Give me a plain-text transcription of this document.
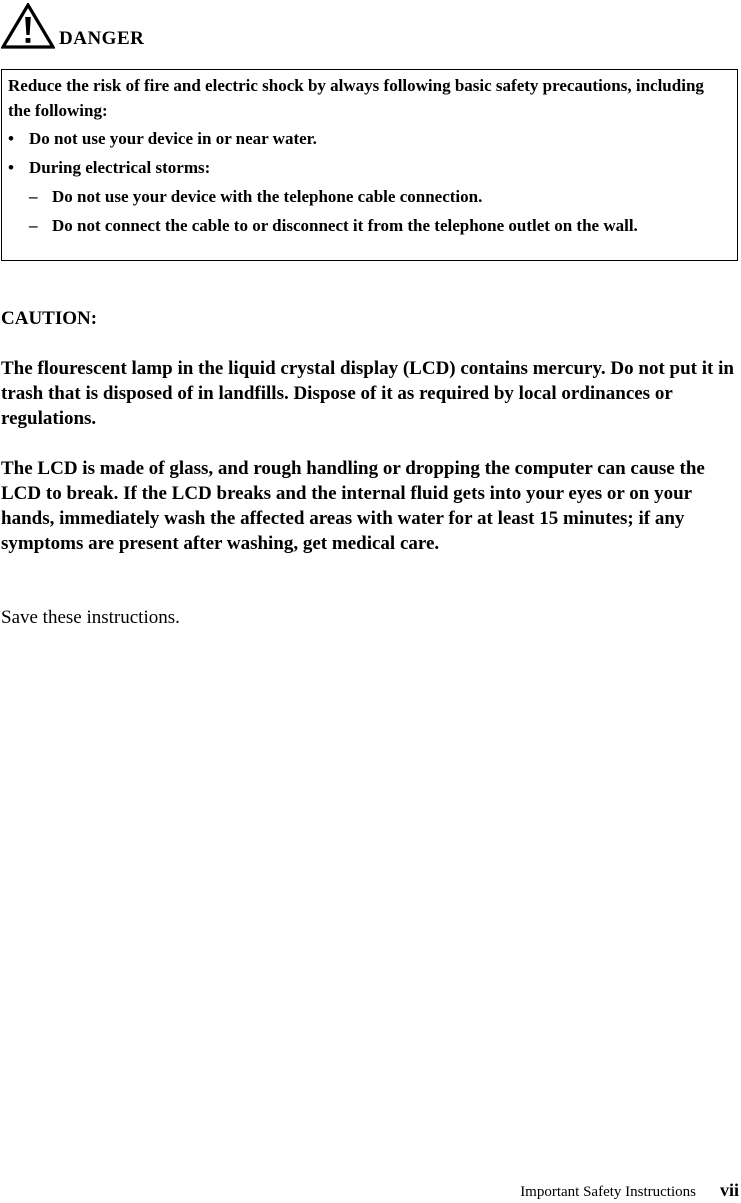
DANGER

Reduce the risk of fire and electric shock by always following basic safety precautions, including the following:

• Do not use your device in or near water.
• During electrical storms:
– Do not use your device with the telephone cable connection.
– Do not connect the cable to or disconnect it from the telephone outlet on the wall.

CAUTION:

The flourescent lamp in the liquid crystal display (LCD) contains mercury. Do not put it in trash that is disposed of in landfills. Dispose of it as required by local ordinances or regulations.

The LCD is made of glass, and rough handling or dropping the computer can cause the LCD to break. If the LCD breaks and the internal fluid gets into your eyes or on your hands, immediately wash the affected areas with water for at least 15 minutes; if any symptoms are present after washing, get medical care.

Save these instructions.

Important Safety Instructions vii
